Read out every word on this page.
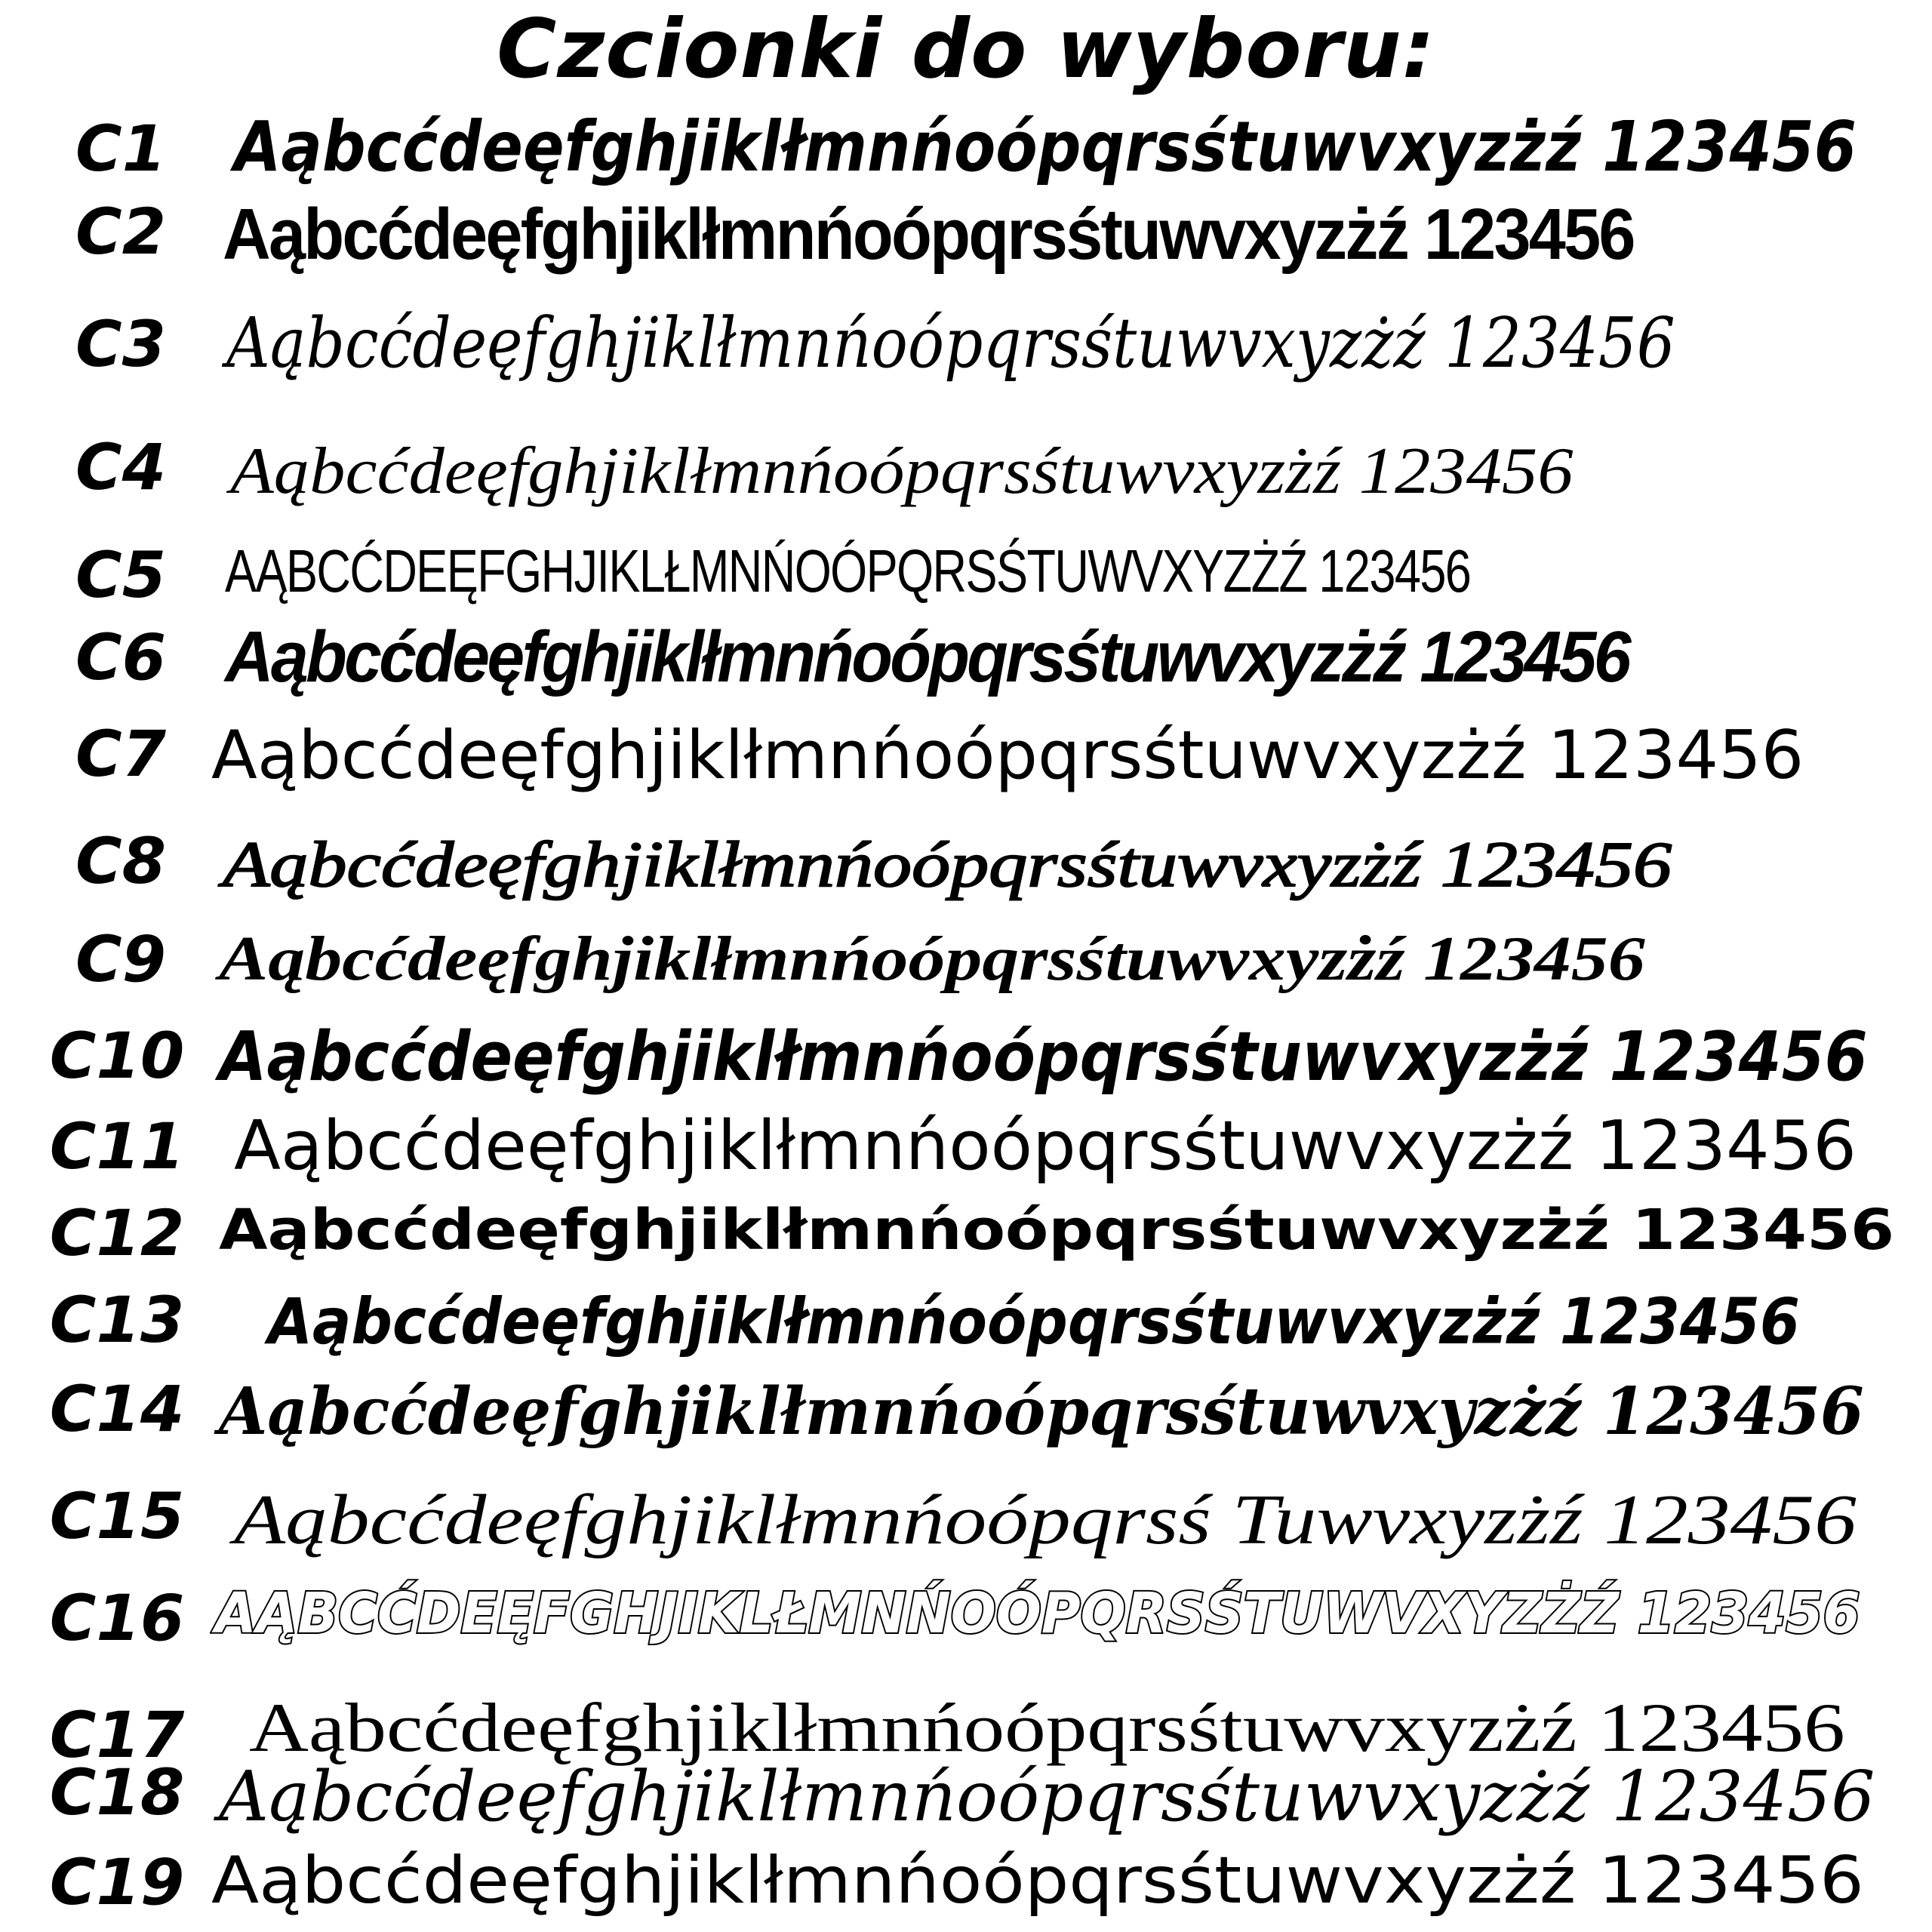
Czcionki do wyboru:
C1 Aąbcćdeęfghjiklłmnńoópqrsśtuwvxyzżź 123456
C2 Aąbcćdeęfghjiklłmnńoópqrsśtuwvxyzżź 123456
C3 Aąbcćdeęfghjiklłmnńoópqrsśtuwvxyzżź 123456
C4 Aąbcćdeęfghjiklłmnńoópqrsśtuwvxyzżź 123456
C5 AĄBCĆDEĘFGHJIKLŁMNŃOÓPQRSŚTUWVXYZŻŹ 123456
C6 Aąbcćdeęfghjiklłmnńoópqrsśtuwvxyzżź 123456
C7 Aąbcćdeęfghjiklłmnńoópqrsśtuwvxyzżź 123456
C8 Aąbcćdeęfghjiklłmnńoópqrsśtuwvxyzżź 123456
C9 Aąbcćdeęfghjiklłmnńoópqrsśtuwvxyzżź 123456
C10 Aąbcćdeęfghjiklłmnńoópqrsśtuwvxyzżź 123456
C11 Aąbcćdeęfghjiklłmnńoópqrsśtuwvxyzżź 123456
C12 Aąbcćdeęfghjiklłmnńoópqrsśtuwvxyzżź 123456
C13 Aąbcćdeęfghjiklłmnńoópqrsśtuwvxyzżź 123456
C14 Aąbcćdeęfghjiklłmnńoópqrsśtuwvxyzżź 123456
C15 Aąbcćdeęfghjiklłmnńoópqrsś Tuwvxyzżź 123456
C16 AĄBCĆDEĘFGHJIKLŁMNŃOÓPQRSŚTUWVXYZŻŹ 123456
C17 Aąbcćdeęfghjiklłmnńoópqrsśtuwvxyzżź 123456
C18 Aąbcćdeęfghjiklłmnńoópqrsśtuwvxyzżź 123456
C19 Aąbcćdeęfghjiklłmnńoópqrsśtuwvxyzżź 123456
